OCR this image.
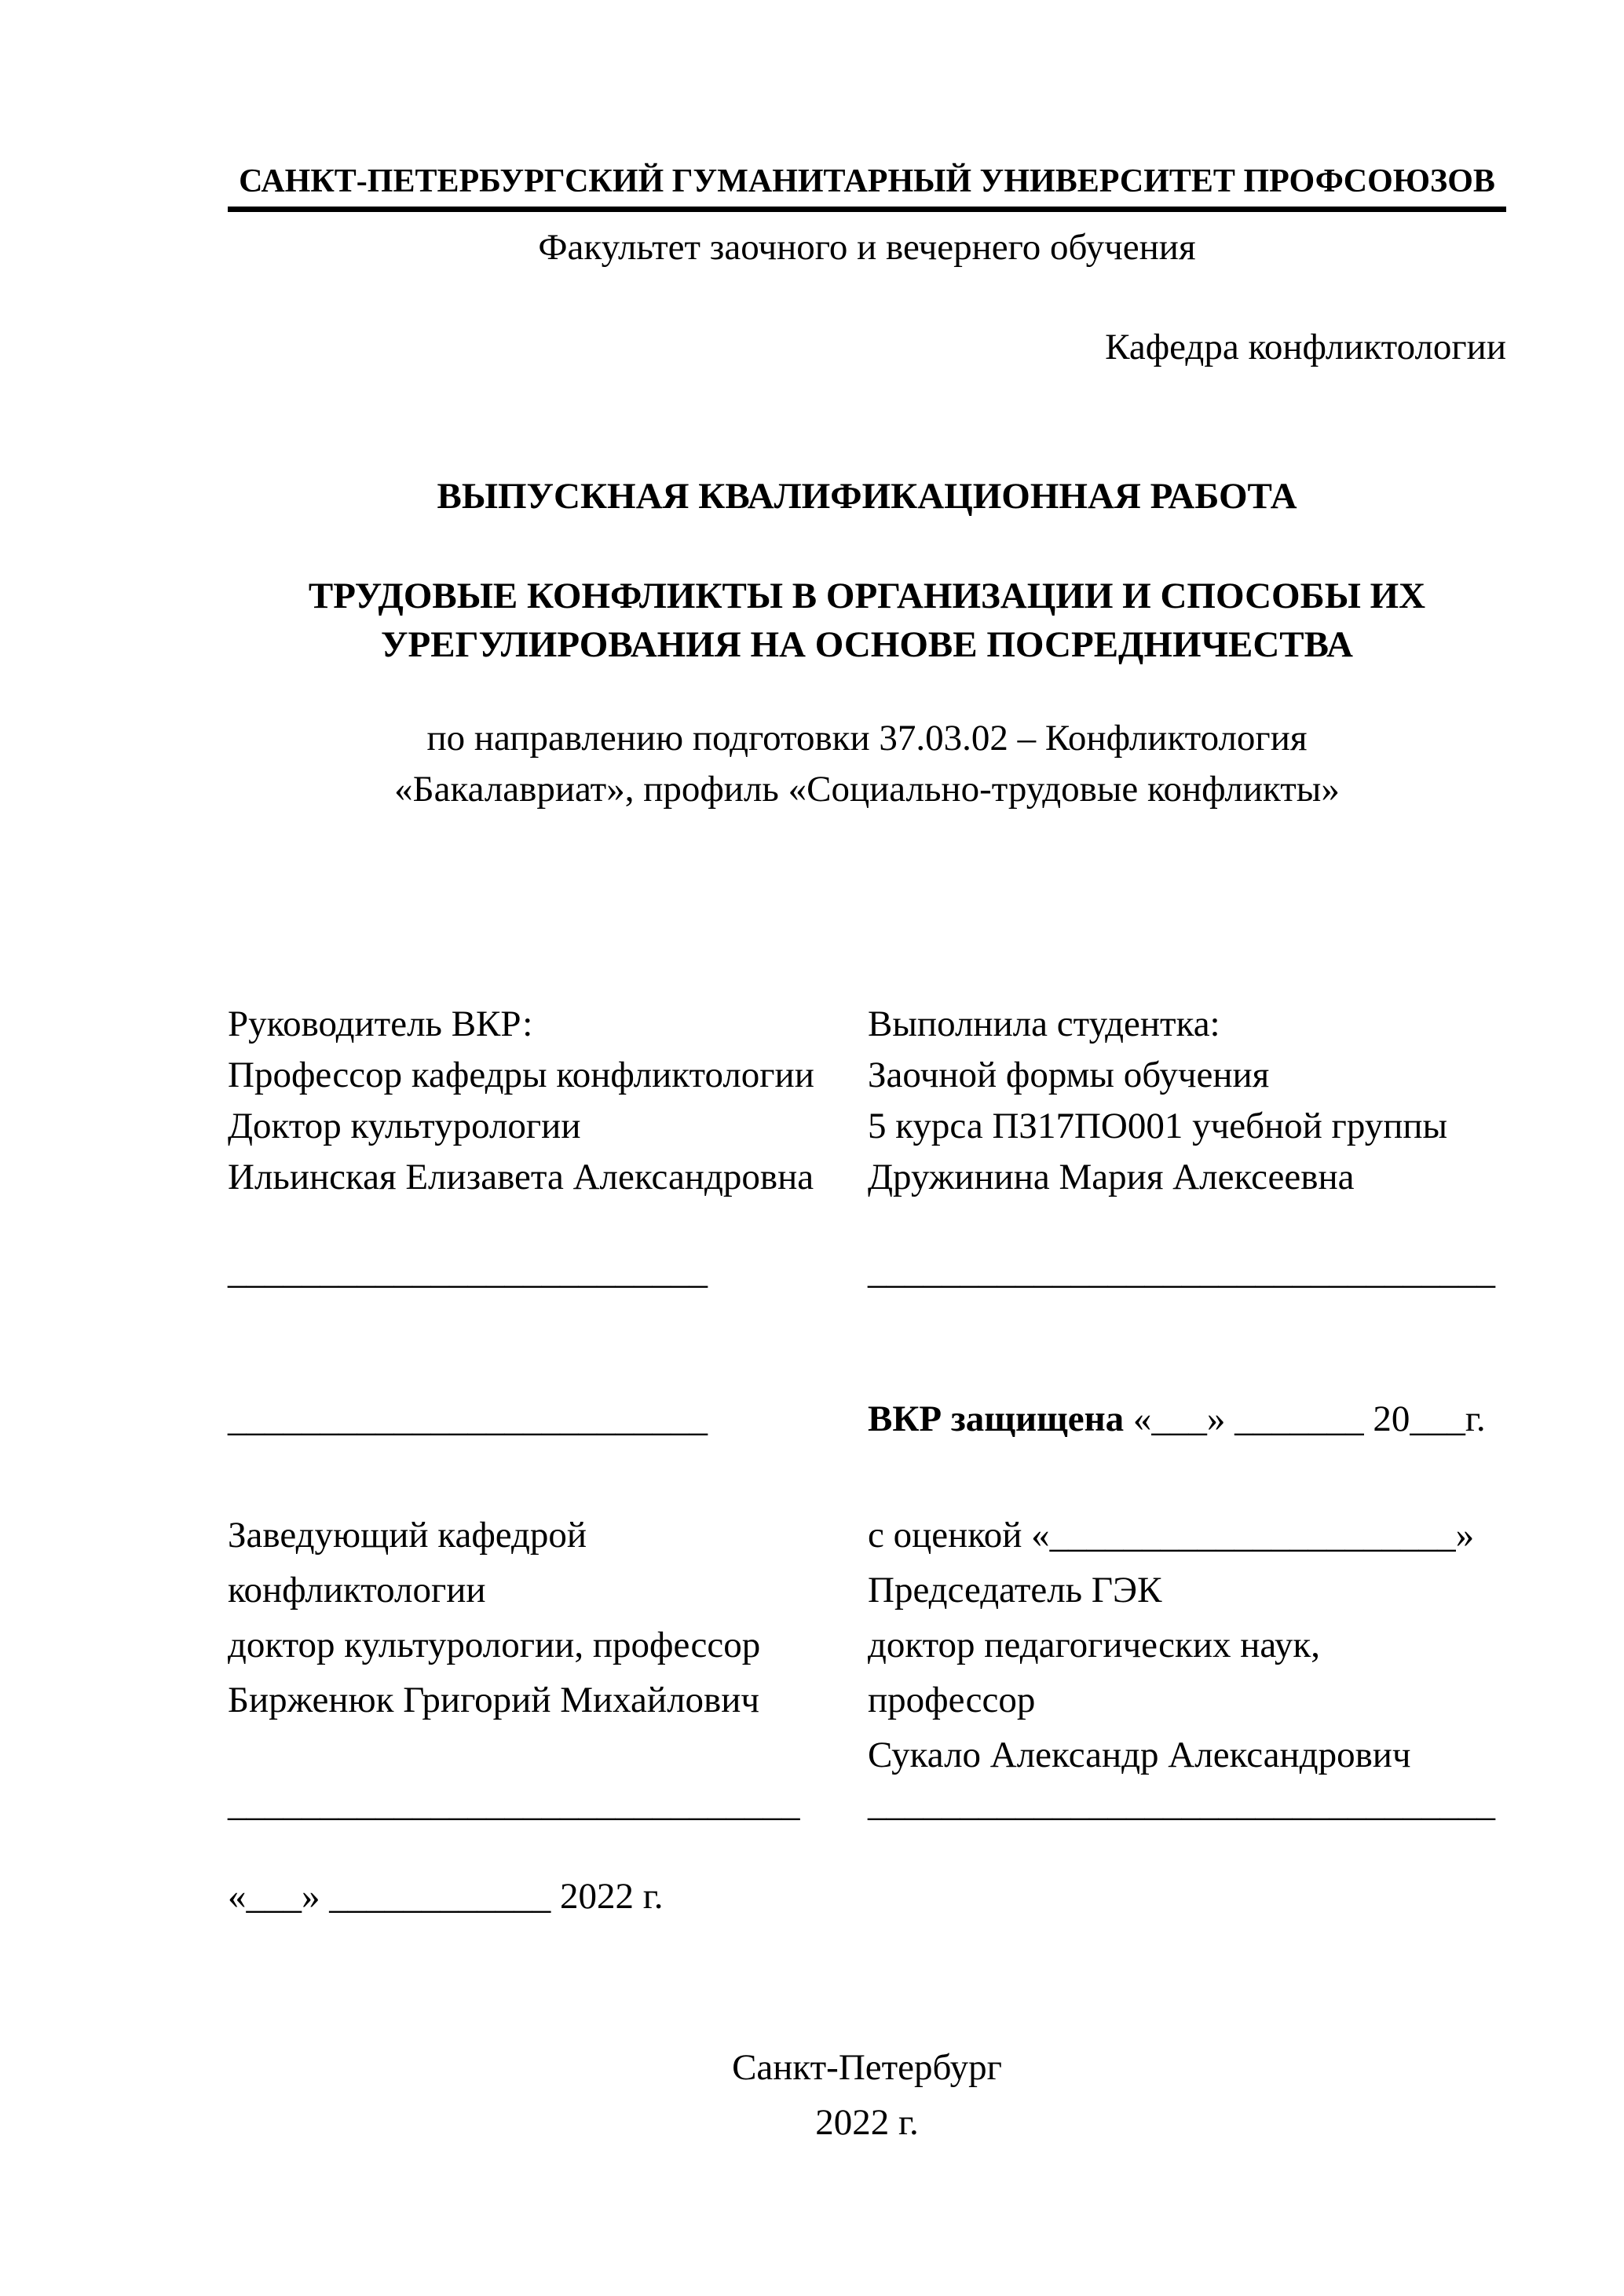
САНКТ-ПЕТЕРБУРГСКИЙ ГУМАНИТАРНЫЙ УНИВЕРСИТЕТ ПРОФСОЮЗОВ
Факультет заочного и вечернего обучения
Кафедра конфликтологии
ВЫПУСКНАЯ КВАЛИФИКАЦИОННАЯ РАБОТА
ТРУДОВЫЕ КОНФЛИКТЫ В ОРГАНИЗАЦИИ И СПОСОБЫ ИХ
УРЕГУЛИРОВАНИЯ НА ОСНОВЕ ПОСРЕДНИЧЕСТВА
по направлению подготовки 37.03.02 – Конфликтология
«Бакалавриат», профиль «Социально-трудовые конфликты»
Руководитель ВКР:
Профессор кафедры конфликтологии
Доктор культурологии
Ильинская Елизавета Александровна
Выполнила студентка:
Заочной формы обучения
5 курса ПЗ17ПО001 учебной группы
Дружинина Мария Алексеевна
__________________________	__________________________________
__________________________	ВКР защищена «___» _______ 20___г.
Заведующий кафедрой
конфликтологии
доктор культурологии, профессор
Бирженюк Григорий Михайлович
с оценкой «______________________»
Председатель ГЭК
доктор педагогических наук,
профессор
Сукало Александр Александрович
_______________________________ __________________________________
«___» ____________ 2022 г.
Санкт-Петербург
2022 г.
